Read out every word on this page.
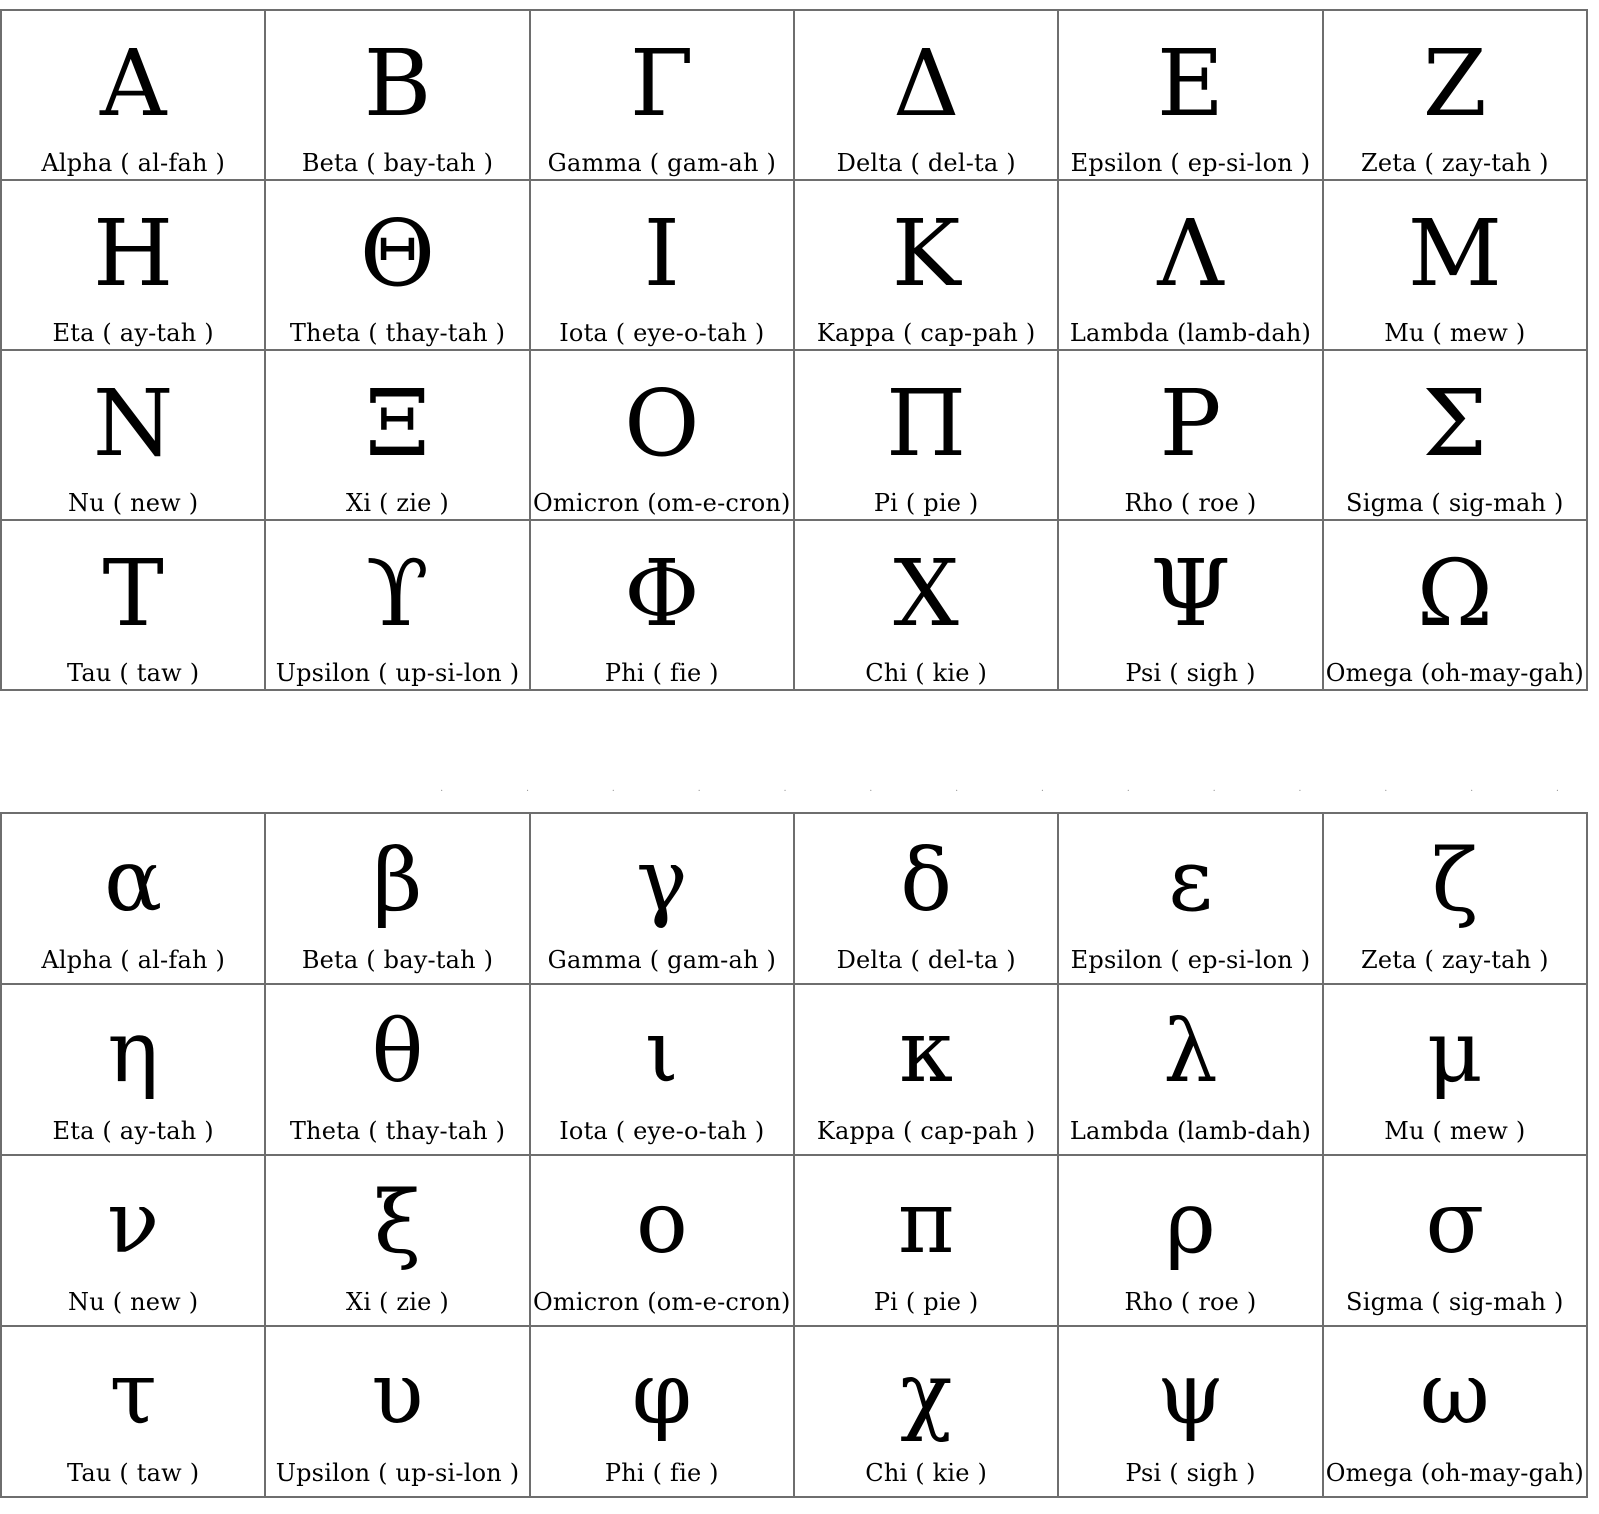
Α
Alpha ( al-fah )
Β
Beta ( bay-tah )
Γ
Gamma ( gam-ah )
Δ
Delta ( del-ta )
Ε
Epsilon ( ep-si-lon )
Ζ
Zeta ( zay-tah )
Η
Eta ( ay-tah )
Θ
Theta ( thay-tah )
Ι
Iota ( eye-o-tah )
Κ
Kappa ( cap-pah )
Λ
Lambda (lamb-dah)
Μ
Mu ( mew )
Ν
Nu ( new )
Ξ
Xi ( zie )
Ο
Omicron (om-e-cron)
Π
Pi ( pie )
Ρ
Rho ( roe )
Σ
Sigma ( sig-mah )
Τ
Tau ( taw )
ϒ
Upsilon ( up-si-lon )
Φ
Phi ( fie )
Χ
Chi ( kie )
Ψ
Psi ( sigh )
Ω
Omega (oh-may-gah)
· · · · · · · · · · · · · ·
α
Alpha ( al-fah )
β
Beta ( bay-tah )
γ
Gamma ( gam-ah )
δ
Delta ( del-ta )
ε
Epsilon ( ep-si-lon )
ζ
Zeta ( zay-tah )
η
Eta ( ay-tah )
θ
Theta ( thay-tah )
ι
Iota ( eye-o-tah )
κ
Kappa ( cap-pah )
λ
Lambda (lamb-dah)
μ
Mu ( mew )
ν
Nu ( new )
ξ
Xi ( zie )
ο
Omicron (om-e-cron)
π
Pi ( pie )
ρ
Rho ( roe )
σ
Sigma ( sig-mah )
τ
Tau ( taw )
υ
Upsilon ( up-si-lon )
φ
Phi ( fie )
χ
Chi ( kie )
ψ
Psi ( sigh )
ω
Omega (oh-may-gah)
